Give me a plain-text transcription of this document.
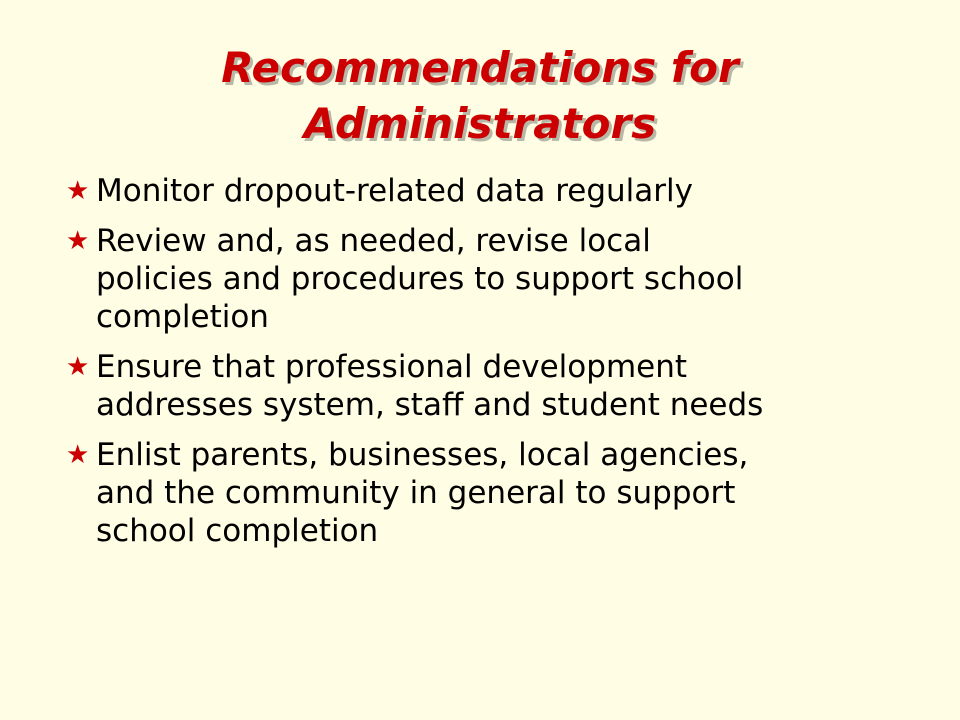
Recommendations for
Administrators
★ Monitor dropout-related data regularly
★ Review and, as needed, revise local
policies and procedures to support school
completion
★ Ensure that professional development
addresses system, staff and student needs
★ Enlist parents, businesses, local agencies,
and the community in general to support
school completion
